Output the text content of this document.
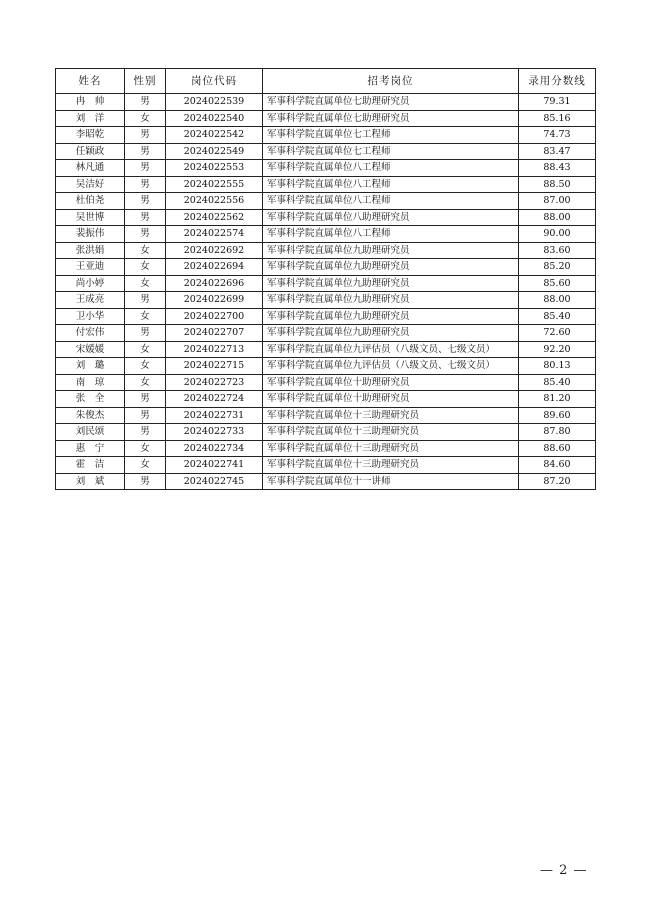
姓名	性别	岗位代码	招考岗位	录用分数线
冉　帅	男	2024022539	军事科学院直属单位七助理研究员	79.31
刘　洋	女	2024022540	军事科学院直属单位七助理研究员	85.16
李昭乾	男	2024022542	军事科学院直属单位七工程师	74.73
任颖政	男	2024022549	军事科学院直属单位七工程师	83.47
林凡通	男	2024022553	军事科学院直属单位八工程师	88.43
吴洁好	男	2024022555	军事科学院直属单位八工程师	88.50
杜伯尧	男	2024022556	军事科学院直属单位八工程师	87.00
吴世博	男	2024022562	军事科学院直属单位八助理研究员	88.00
裴振伟	男	2024022574	军事科学院直属单位八工程师	90.00
张洪娟	女	2024022692	军事科学院直属单位九助理研究员	83.60
王亚迪	女	2024022694	军事科学院直属单位九助理研究员	85.20
尚小婷	女	2024022696	军事科学院直属单位九助理研究员	85.60
王成亮	男	2024022699	军事科学院直属单位九助理研究员	88.00
卫小华	女	2024022700	军事科学院直属单位九助理研究员	85.40
付宏伟	男	2024022707	军事科学院直属单位九助理研究员	72.60
宋媛媛	女	2024022713	军事科学院直属单位九评估员（八级文员、七级文员）	92.20
刘　璐	女	2024022715	军事科学院直属单位九评估员（八级文员、七级文员）	80.13
南　琼	女	2024022723	军事科学院直属单位十助理研究员	85.40
张　全	男	2024022724	军事科学院直属单位十助理研究员	81.20
朱俊杰	男	2024022731	军事科学院直属单位十三助理研究员	89.60
刘民颂	男	2024022733	军事科学院直属单位十三助理研究员	87.80
惠　宁	女	2024022734	军事科学院直属单位十三助理研究员	88.60
霍　洁	女	2024022741	军事科学院直属单位十三助理研究员	84.60
刘　斌	男	2024022745	军事科学院直属单位十一讲师	87.20
— 2 —
